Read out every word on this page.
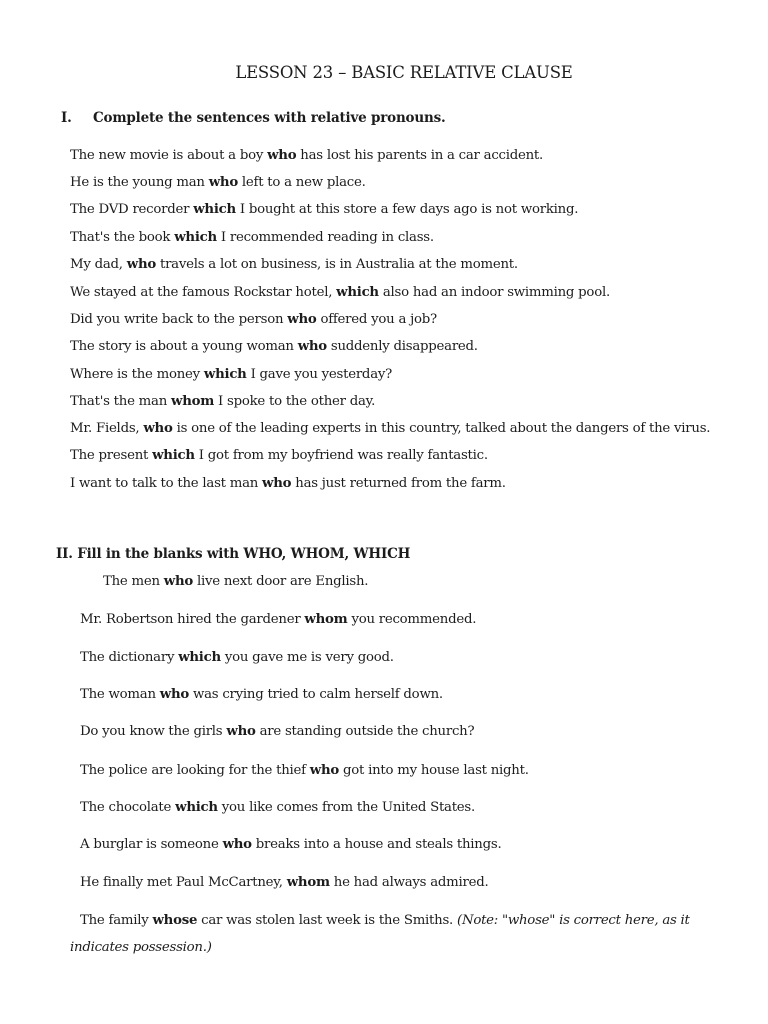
LESSON 23 – BASIC RELATIVE CLAUSE
I. Complete the sentences with relative pronouns.
The new movie is about a boy who has lost his parents in a car accident.
He is the young man who left to a new place.
The DVD recorder which I bought at this store a few days ago is not working.
That's the book which I recommended reading in class.
My dad, who travels a lot on business, is in Australia at the moment.
We stayed at the famous Rockstar hotel, which also had an indoor swimming pool.
Did you write back to the person who offered you a job?
The story is about a young woman who suddenly disappeared.
Where is the money which I gave you yesterday?
That's the man whom I spoke to the other day.
Mr. Fields, who is one of the leading experts in this country, talked about the dangers of the virus.
The present which I got from my boyfriend was really fantastic.
I want to talk to the last man who has just returned from the farm.
II. Fill in the blanks with WHO, WHOM, WHICH
The men who live next door are English.
Mr. Robertson hired the gardener whom you recommended.
The dictionary which you gave me is very good.
The woman who was crying tried to calm herself down.
Do you know the girls who are standing outside the church?
The police are looking for the thief who got into my house last night.
The chocolate which you like comes from the United States.
A burglar is someone who breaks into a house and steals things.
He finally met Paul McCartney, whom he had always admired.
The family whose car was stolen last week is the Smiths. (Note: "whose" is correct here, as it
indicates possession.)
